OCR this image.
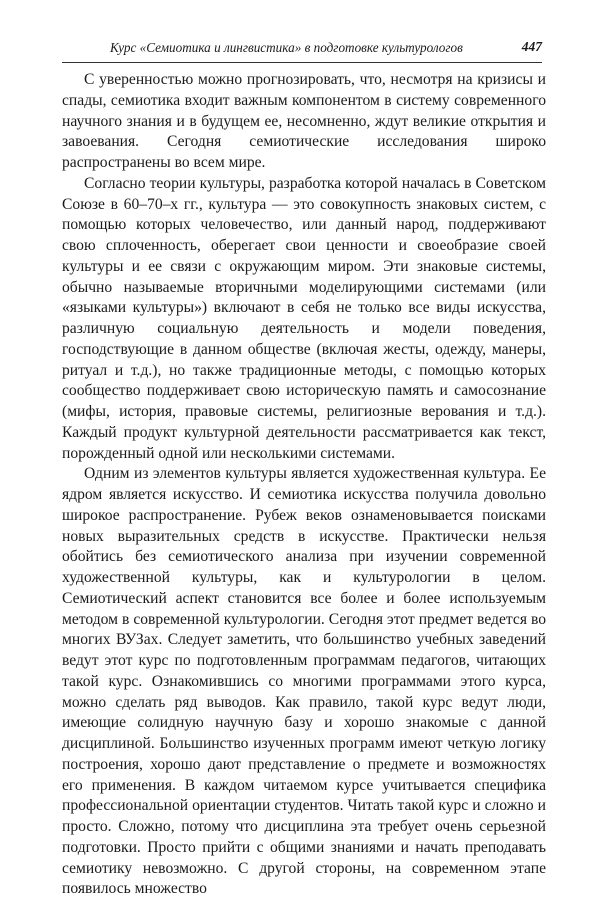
Курс «Семиотика и лингвистика» в подготовке культурологов	447

С уверенностью можно прогнозировать, что, несмотря на кризисы и спады, семиотика входит важным компонентом в систему современного научного знания и в будущем ее, несомненно, ждут великие открытия и завоевания. Сегодня семиотические исследования широко распространены во всем мире.

Согласно теории культуры, разработка которой началась в Советском Союзе в 60–70–х гг., культура — это совокупность знаковых систем, с помощью которых человечество, или данный народ, поддерживают свою сплоченность, оберегает свои ценности и своеобразие своей культуры и ее связи с окружающим миром. Эти знаковые системы, обычно называемые вторичными моделирующими системами (или «языками культуры») включают в себя не только все виды искусства, различную социальную деятельность и модели поведения, господствующие в данном обществе (включая жесты, одежду, манеры, ритуал и т.д.), но также традиционные методы, с помощью которых сообщество поддерживает свою историческую память и самосознание (мифы, история, правовые системы, религиозные верования и т.д.). Каждый продукт культурной деятельности рассматривается как текст, порожденный одной или несколькими системами.

Одним из элементов культуры является художественная культура. Ее ядром является искусство. И семиотика искусства получила довольно широкое распространение. Рубеж веков ознаменовывается поисками новых выразительных средств в искусстве. Практически нельзя обойтись без семиотического анализа при изучении современной художественной культуры, как и культурологии в целом. Семиотический аспект становится все более и более используемым методом в современной культурологии. Сегодня этот предмет ведется во многих ВУЗах. Следует заметить, что большинство учебных заведений ведут этот курс по подготовленным программам педагогов, читающих такой курс. Ознакомившись со многими программами этого курса, можно сделать ряд выводов. Как правило, такой курс ведут люди, имеющие солидную научную базу и хорошо знакомые с данной дисциплиной. Большинство изученных программ имеют четкую логику построения, хорошо дают представление о предмете и возможностях его применения. В каждом читаемом курсе учитывается специфика профессиональной ориентации студентов. Читать такой курс и сложно и просто. Сложно, потому что дисциплина эта требует очень серьезной подготовки. Просто прийти с общими знаниями и начать преподавать семиотику невозможно. С другой стороны, на современном этапе появилось множество
